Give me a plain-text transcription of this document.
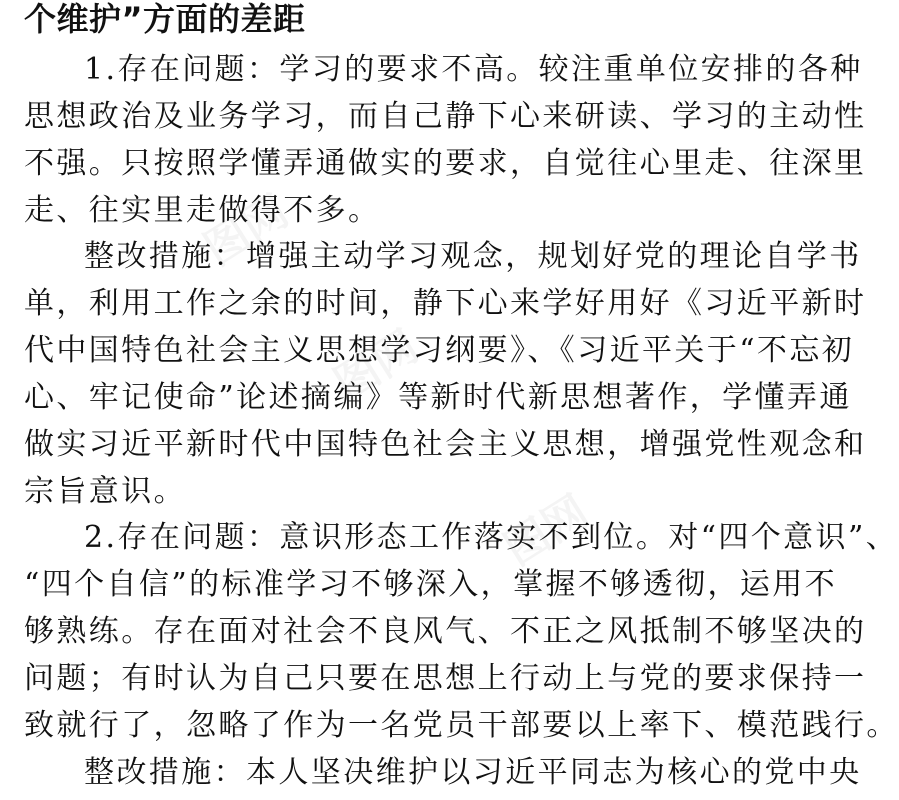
个维护”方面的差距
1.存在问题：学习的要求不高。较注重单位安排的各种
思想政治及业务学习，而自己静下心来研读、学习的主动性
不强。只按照学懂弄通做实的要求，自觉往心里走、往深里
走、往实里走做得不多。
整改措施：增强主动学习观念，规划好党的理论自学书
单，利用工作之余的时间，静下心来学好用好《习近平新时
代中国特色社会主义思想学习纲要》、《习近平关于“不忘初
心、牢记使命”论述摘编》等新时代新思想著作，学懂弄通
做实习近平新时代中国特色社会主义思想，增强党性观念和
宗旨意识。
2.存在问题：意识形态工作落实不到位。对“四个意识”、
“四个自信”的标准学习不够深入，掌握不够透彻，运用不
够熟练。存在面对社会不良风气、不正之风抵制不够坚决的
问题；有时认为自己只要在思想上行动上与党的要求保持一
致就行了，忽略了作为一名党员干部要以上率下、模范践行。
整改措施：本人坚决维护以习近平同志为核心的党中央
